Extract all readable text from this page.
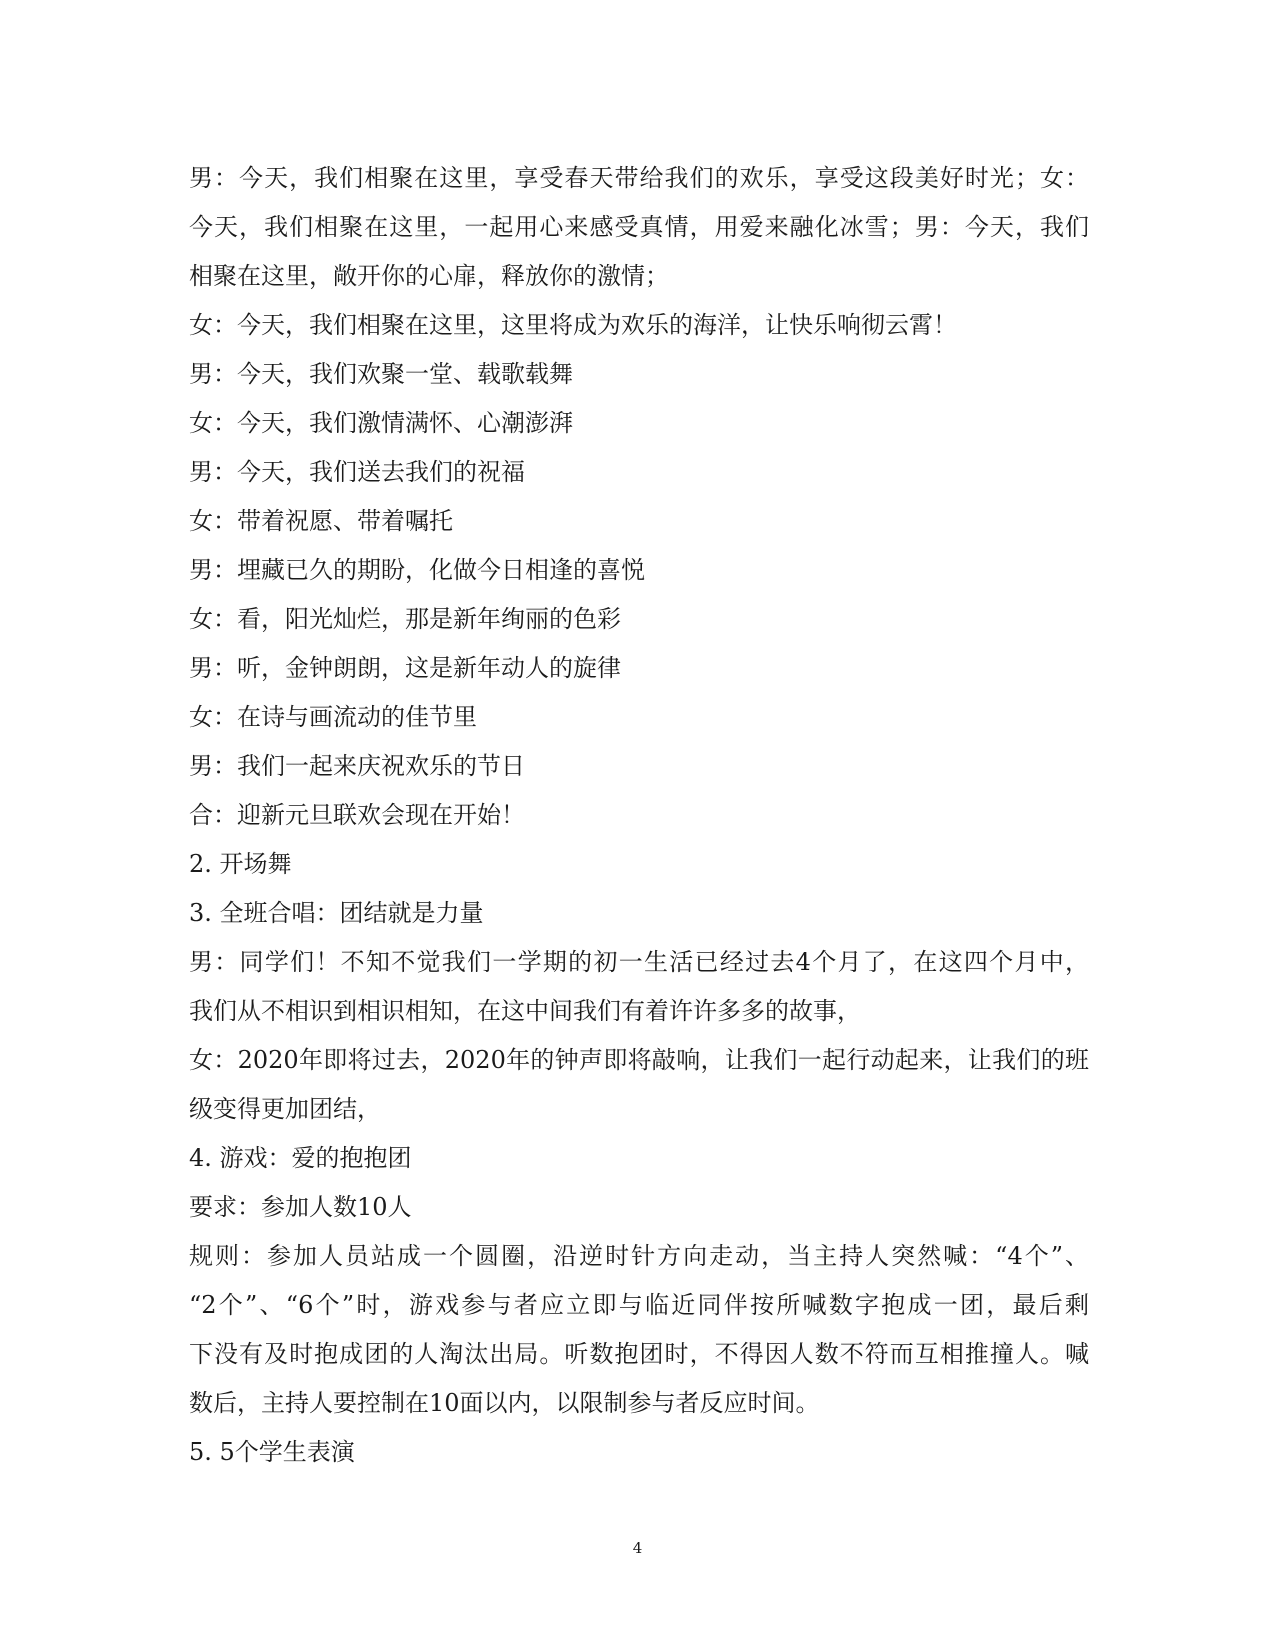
男：今天，我们相聚在这里，享受春天带给我们的欢乐，享受这段美好时光；女：
今天，我们相聚在这里，一起用心来感受真情，用爱来融化冰雪；男：今天，我们
相聚在这里，敞开你的心扉，释放你的激情；
女：今天，我们相聚在这里，这里将成为欢乐的海洋，让快乐响彻云霄！
男：今天，我们欢聚一堂、载歌载舞
女：今天，我们激情满怀、心潮澎湃
男：今天，我们送去我们的祝福
女：带着祝愿、带着嘱托
男：埋藏已久的期盼，化做今日相逢的喜悦
女：看，阳光灿烂，那是新年绚丽的色彩
男：听，金钟朗朗，这是新年动人的旋律
女：在诗与画流动的佳节里
男：我们一起来庆祝欢乐的节日
合：迎新元旦联欢会现在开始！
2. 开场舞
3. 全班合唱：团结就是力量
男：同学们！不知不觉我们一学期的初一生活已经过去4个月了，在这四个月中，
我们从不相识到相识相知，在这中间我们有着许许多多的故事，
女：2020年即将过去，2020年的钟声即将敲响，让我们一起行动起来，让我们的班
级变得更加团结，
4. 游戏：爱的抱抱团
要求：参加人数10人
规则：参加人员站成一个圆圈，沿逆时针方向走动，当主持人突然喊：“4个”、
“2个”、“6个”时，游戏参与者应立即与临近同伴按所喊数字抱成一团，最后剩
下没有及时抱成团的人淘汰出局。听数抱团时，不得因人数不符而互相推撞人。喊
数后，主持人要控制在10面以内，以限制参与者反应时间。
5. 5个学生表演
4
